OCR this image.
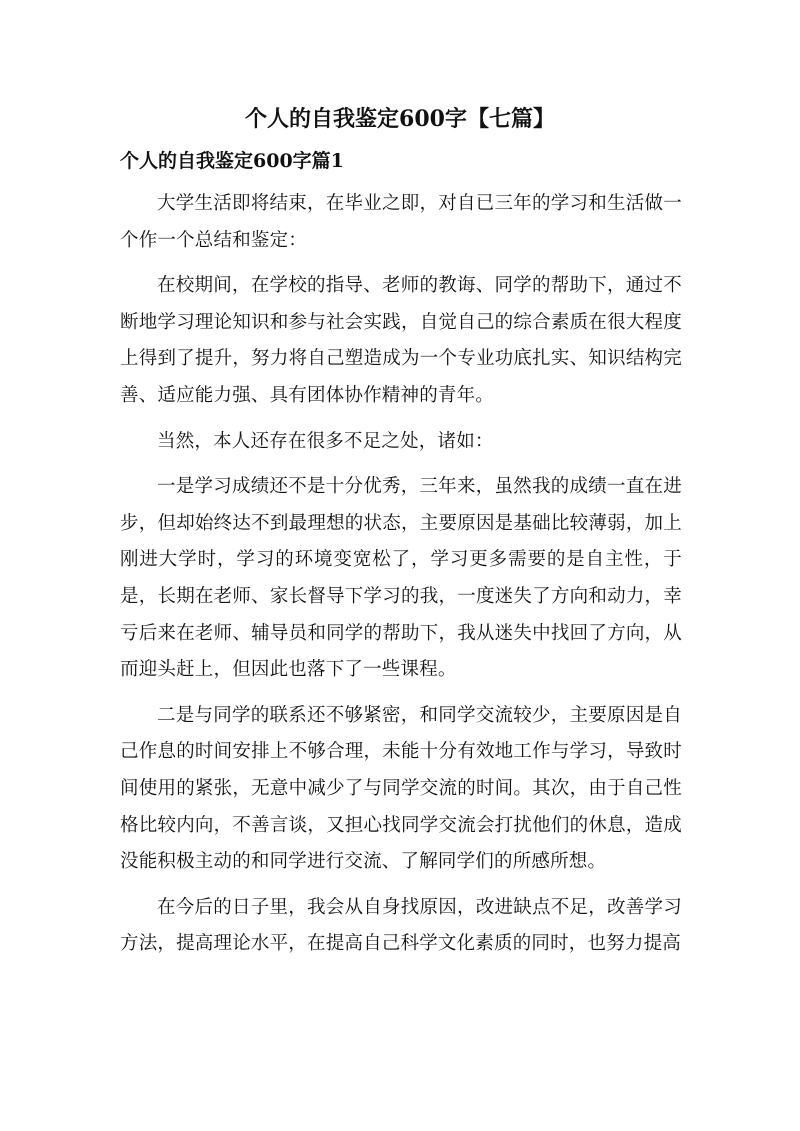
个人的自我鉴定600字【七篇】
个人的自我鉴定600字篇1

大学生活即将结束，在毕业之即，对自已三年的学习和生活做一个作一个总结和鉴定：

在校期间，在学校的指导、老师的教诲、同学的帮助下，通过不断地学习理论知识和参与社会实践，自觉自己的综合素质在很大程度上得到了提升，努力将自己塑造成为一个专业功底扎实、知识结构完善、适应能力强、具有团体协作精神的青年。

当然，本人还存在很多不足之处，诸如：

一是学习成绩还不是十分优秀，三年来，虽然我的成绩一直在进步，但却始终达不到最理想的状态，主要原因是基础比较薄弱，加上刚进大学时，学习的环境变宽松了，学习更多需要的是自主性，于是，长期在老师、家长督导下学习的我，一度迷失了方向和动力，幸亏后来在老师、辅导员和同学的帮助下，我从迷失中找回了方向，从而迎头赶上，但因此也落下了一些课程。

二是与同学的联系还不够紧密，和同学交流较少，主要原因是自己作息的时间安排上不够合理，未能十分有效地工作与学习，导致时间使用的紧张，无意中减少了与同学交流的时间。其次，由于自己性格比较内向，不善言谈，又担心找同学交流会打扰他们的休息，造成没能积极主动的和同学进行交流、了解同学们的所感所想。

在今后的日子里，我会从自身找原因，改进缺点不足，改善学习方法，提高理论水平，在提高自己科学文化素质的同时，也努力提高
